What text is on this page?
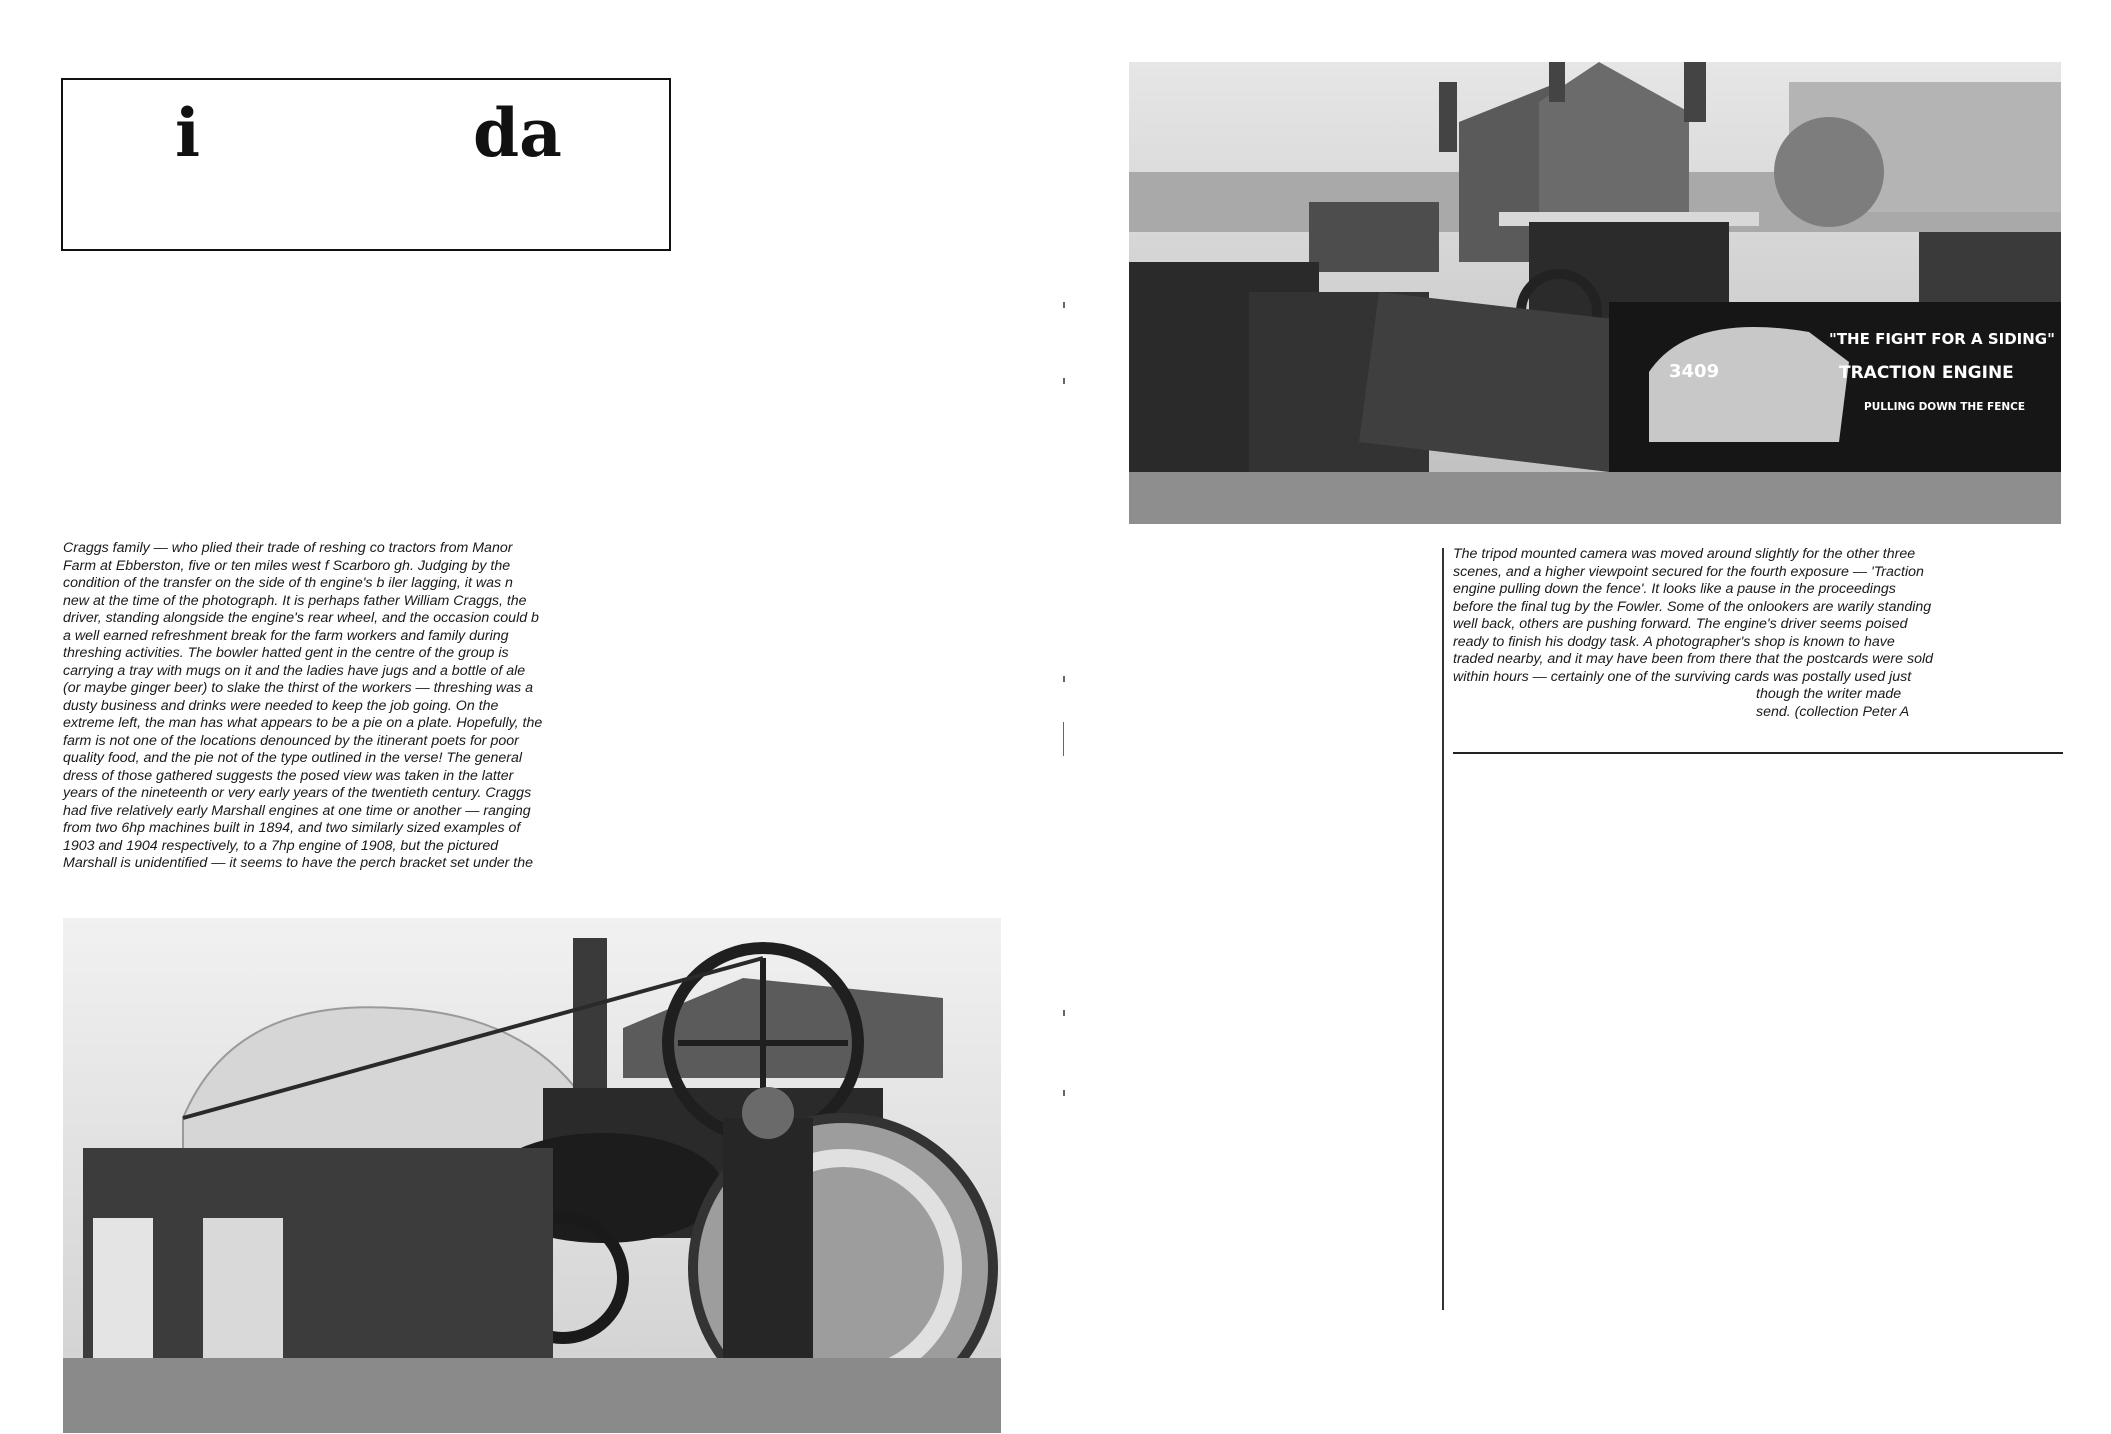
i	da
Craggs family — who plied their trade of reshing co tractors from Manor
Farm at Ebberston, five or ten miles west f Scarboro gh. Judging by the
condition of the transfer on the side of th engine's b iler lagging, it was n
new at the time of the photograph. It is perhaps father William Craggs, the
driver, standing alongside the engine's rear wheel, and the occasion could b
a well earned refreshment break for the farm workers and family during
threshing activities. The bowler hatted gent in the centre of the group is
carrying a tray with mugs on it and the ladies have jugs and a bottle of ale
(or maybe ginger beer) to slake the thirst of the workers — threshing was a
dusty business and drinks were needed to keep the job going. On the
extreme left, the man has what appears to be a pie on a plate. Hopefully, the
farm is not one of the locations denounced by the itinerant poets for poor
quality food, and the pie not of the type outlined in the verse! The general
dress of those gathered suggests the posed view was taken in the latter
years of the nineteenth or very early years of the twentieth century. Craggs
had five relatively early Marshall engines at one time or another — ranging
from two 6hp machines built in 1894, and two similarly sized examples of
1903 and 1904 respectively, to a 7hp engine of 1908, but the pictured
Marshall is unidentified — it seems to have the perch bracket set under the
The tripod mounted camera was moved around slightly for the other three
scenes, and a higher viewpoint secured for the fourth exposure — 'Traction
engine pulling down the fence'. It looks like a pause in the proceedings
before the final tug by the Fowler. Some of the onlookers are warily standing
well back, others are pushing forward. The engine's driver seems poised
ready to finish his dodgy task. A photographer's shop is known to have
traded nearby, and it may have been from there that the postcards were sold
within hours — certainly one of the surviving cards was postally used just
though the writer made
send. (collection Peter A
3409
"THE FIGHT FOR A SIDING"
TRACTION ENGINE
PULLING DOWN THE FENCE
